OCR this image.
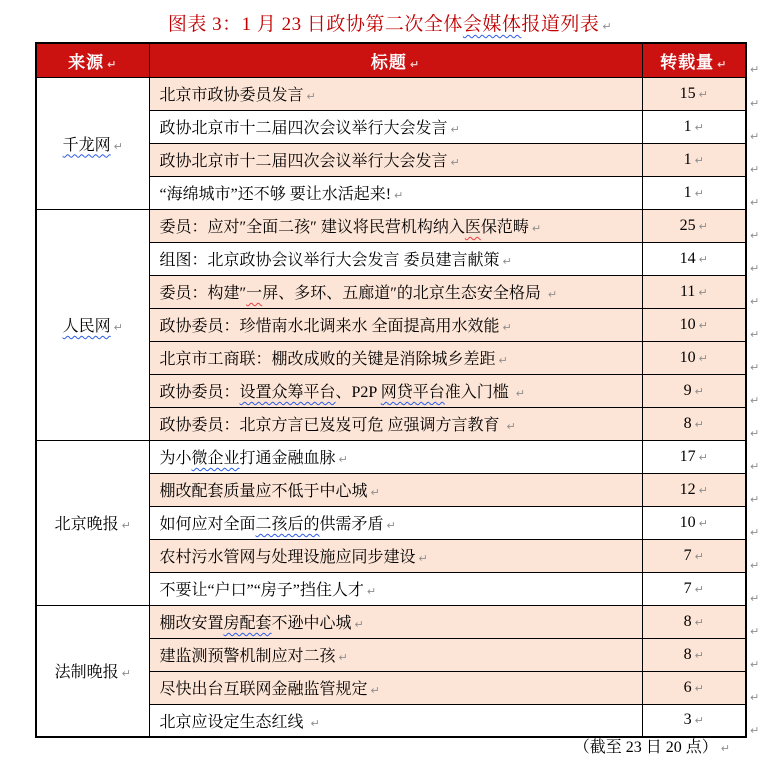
图表 3：1 月 23 日政协第二次全体会媒体报道列表 ↵
来源 ↵	标题 ↵	转载量 ↵
千龙网 ↵	北京市政协委员发言 ↵	15 ↵
	政协北京市十二届四次会议举行大会发言 ↵	1 ↵
	政协北京市十二届四次会议举行大会发言 ↵	1 ↵
	“海绵城市”还不够 要让水活起来! ↵	1 ↵
人民网 ↵	委员：应对″全面二孩″ 建议将民营机构纳入医保范畴 ↵	25 ↵
	组图：北京政协会议举行大会发言 委员建言献策 ↵	14 ↵
	委员：构建″一屏、多环、五廊道″的北京生态安全格局 ↵	11 ↵
	政协委员：珍惜南水北调来水 全面提高用水效能 ↵	10 ↵
	北京市工商联：棚改成败的关键是消除城乡差距 ↵	10 ↵
	政协委员：设置众筹平台、P2P 网贷平台准入门槛 ↵	9 ↵
	政协委员：北京方言已岌岌可危 应强调方言教育 ↵	8 ↵
北京晚报 ↵	为小微企业打通金融血脉 ↵	17 ↵
	棚改配套质量应不低于中心城 ↵	12 ↵
	如何应对全面二孩后的供需矛盾 ↵	10 ↵
	农村污水管网与处理设施应同步建设 ↵	7 ↵
	不要让“户口”“房子”挡住人才 ↵	7 ↵
法制晚报 ↵	棚改安置房配套不逊中心城 ↵	8 ↵
	建监测预警机制应对二孩 ↵	8 ↵
	尽快出台互联网金融监管规定 ↵	6 ↵
	北京应设定生态红线 ↵	3 ↵
（截至 23 日 20 点） ↵
↵
↵
↵
↵
↵
↵
↵
↵
↵
↵
↵
↵
↵
↵
↵
↵
↵
↵
↵
↵
↵
